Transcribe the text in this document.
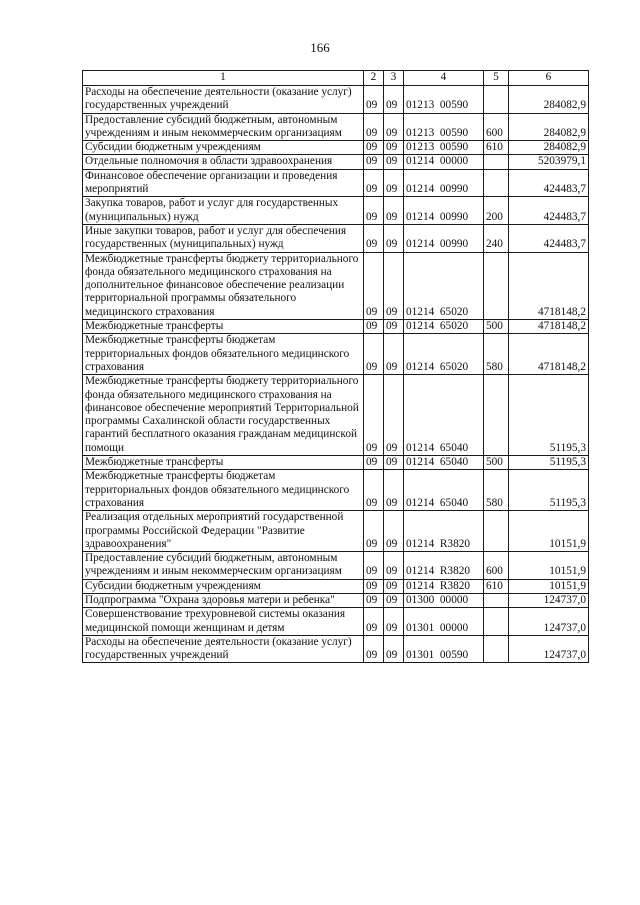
166
1	2	3	4	5	6
Расходы на обеспечение деятельности (оказание услуг) государственных учреждений	09	09	01213  00590		284082,9
Предоставление субсидий бюджетным, автономным учреждениям и иным некоммерческим организациям	09	09	01213  00590	600	284082,9
Субсидии бюджетным учреждениям	09	09	01213  00590	610	284082,9
Отдельные полномочия в области здравоохранения	09	09	01214  00000		5203979,1
Финансовое обеспечение организации и проведения мероприятий	09	09	01214  00990		424483,7
Закупка товаров, работ и услуг для государственных (муниципальных) нужд	09	09	01214  00990	200	424483,7
Иные закупки товаров, работ и услуг для обеспечения государственных (муниципальных) нужд	09	09	01214  00990	240	424483,7
Межбюджетные трансферты бюджету территориального фонда обязательного медицинского страхования на дополнительное финансовое обеспечение реализации территориальной программы обязательного медицинского страхования	09	09	01214  65020		4718148,2
Межбюджетные трансферты	09	09	01214  65020	500	4718148,2
Межбюджетные трансферты бюджетам территориальных фондов обязательного медицинского страхования	09	09	01214  65020	580	4718148,2
Межбюджетные трансферты бюджету территориального фонда обязательного медицинского страхования на финансовое обеспечение мероприятий Территориальной программы Сахалинской области государственных гарантий бесплатного оказания гражданам медицинской помощи	09	09	01214  65040		51195,3
Межбюджетные трансферты	09	09	01214  65040	500	51195,3
Межбюджетные трансферты бюджетам территориальных фондов обязательного медицинского страхования	09	09	01214  65040	580	51195,3
Реализация отдельных мероприятий государственной программы Российской Федерации "Развитие здравоохранения"	09	09	01214  R3820		10151,9
Предоставление субсидий бюджетным, автономным учреждениям и иным некоммерческим организациям	09	09	01214  R3820	600	10151,9
Субсидии бюджетным учреждениям	09	09	01214  R3820	610	10151,9
Подпрограмма "Охрана здоровья матери и ребенка"	09	09	01300  00000		124737,0
Совершенствование трехуровневой системы оказания медицинской помощи женщинам и детям	09	09	01301  00000		124737,0
Расходы на обеспечение деятельности (оказание услуг) государственных учреждений	09	09	01301  00590		124737,0
